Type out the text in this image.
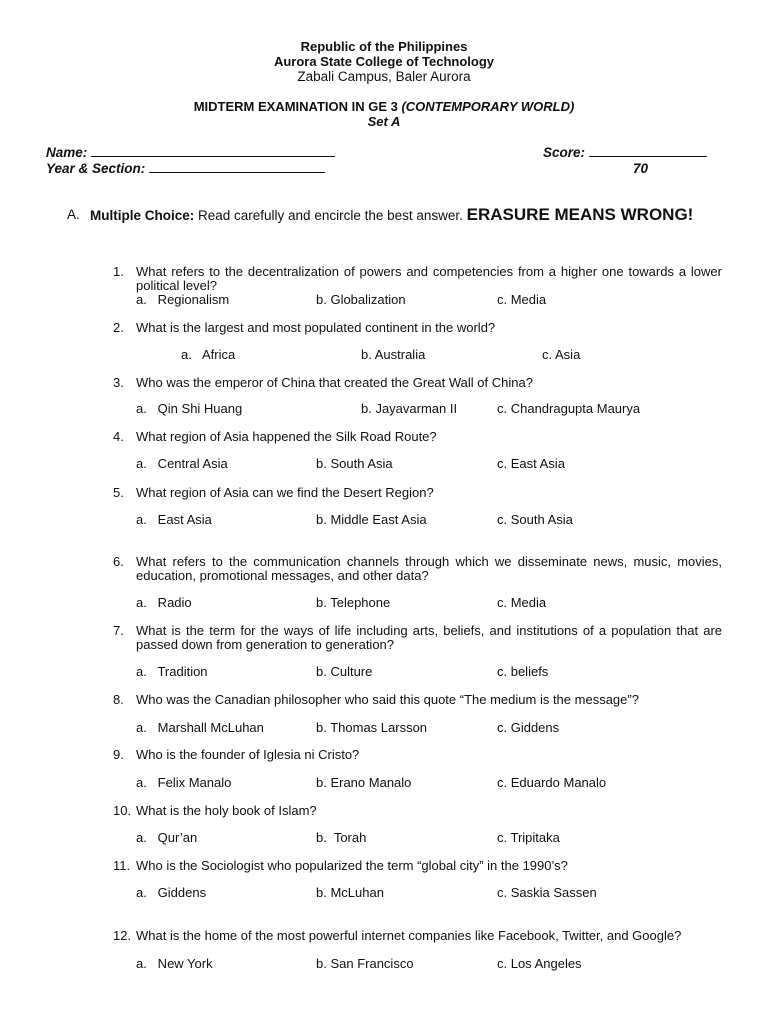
Republic of the Philippines
Aurora State College of Technology
Zabali Campus, Baler Aurora
MIDTERM EXAMINATION IN GE 3 (CONTEMPORARY WORLD)
Set A
Name:
Year & Section:
Score:
70
A. Multiple Choice: Read carefully and encircle the best answer. ERASURE MEANS WRONG!
1. What refers to the decentralization of powers and competencies from a higher one towards a lower political level?
a.   Regionalism	b. Globalization	c. Media
2. What is the largest and most populated continent in the world?
a.   Africa	b. Australia	c. Asia
3. Who was the emperor of China that created the Great Wall of China?
a.   Qin Shi Huang	b. Jayavarman II	c. Chandragupta Maurya
4. What region of Asia happened the Silk Road Route?
a.   Central Asia	b. South Asia	c. East Asia
5. What region of Asia can we find the Desert Region?
a.   East Asia	b. Middle East Asia	c. South Asia
6. What refers to the communication channels through which we disseminate news, music, movies, education, promotional messages, and other data?
a.   Radio	b. Telephone	c. Media
7. What is the term for the ways of life including arts, beliefs, and institutions of a population that are passed down from generation to generation?
a.   Tradition	b. Culture	c. beliefs
8. Who was the Canadian philosopher who said this quote “The medium is the message”?
a.   Marshall McLuhan	b. Thomas Larsson	c. Giddens
9. Who is the founder of Iglesia ni Cristo?
a.   Felix Manalo	b. Erano Manalo	c. Eduardo Manalo
10. What is the holy book of Islam?
a.   Qur’an	b.  Torah	c. Tripitaka
11. Who is the Sociologist who popularized the term “global city” in the 1990’s?
a.   Giddens	b. McLuhan	c. Saskia Sassen
12. What is the home of the most powerful internet companies like Facebook, Twitter, and Google?
a.   New York	b. San Francisco	c. Los Angeles
